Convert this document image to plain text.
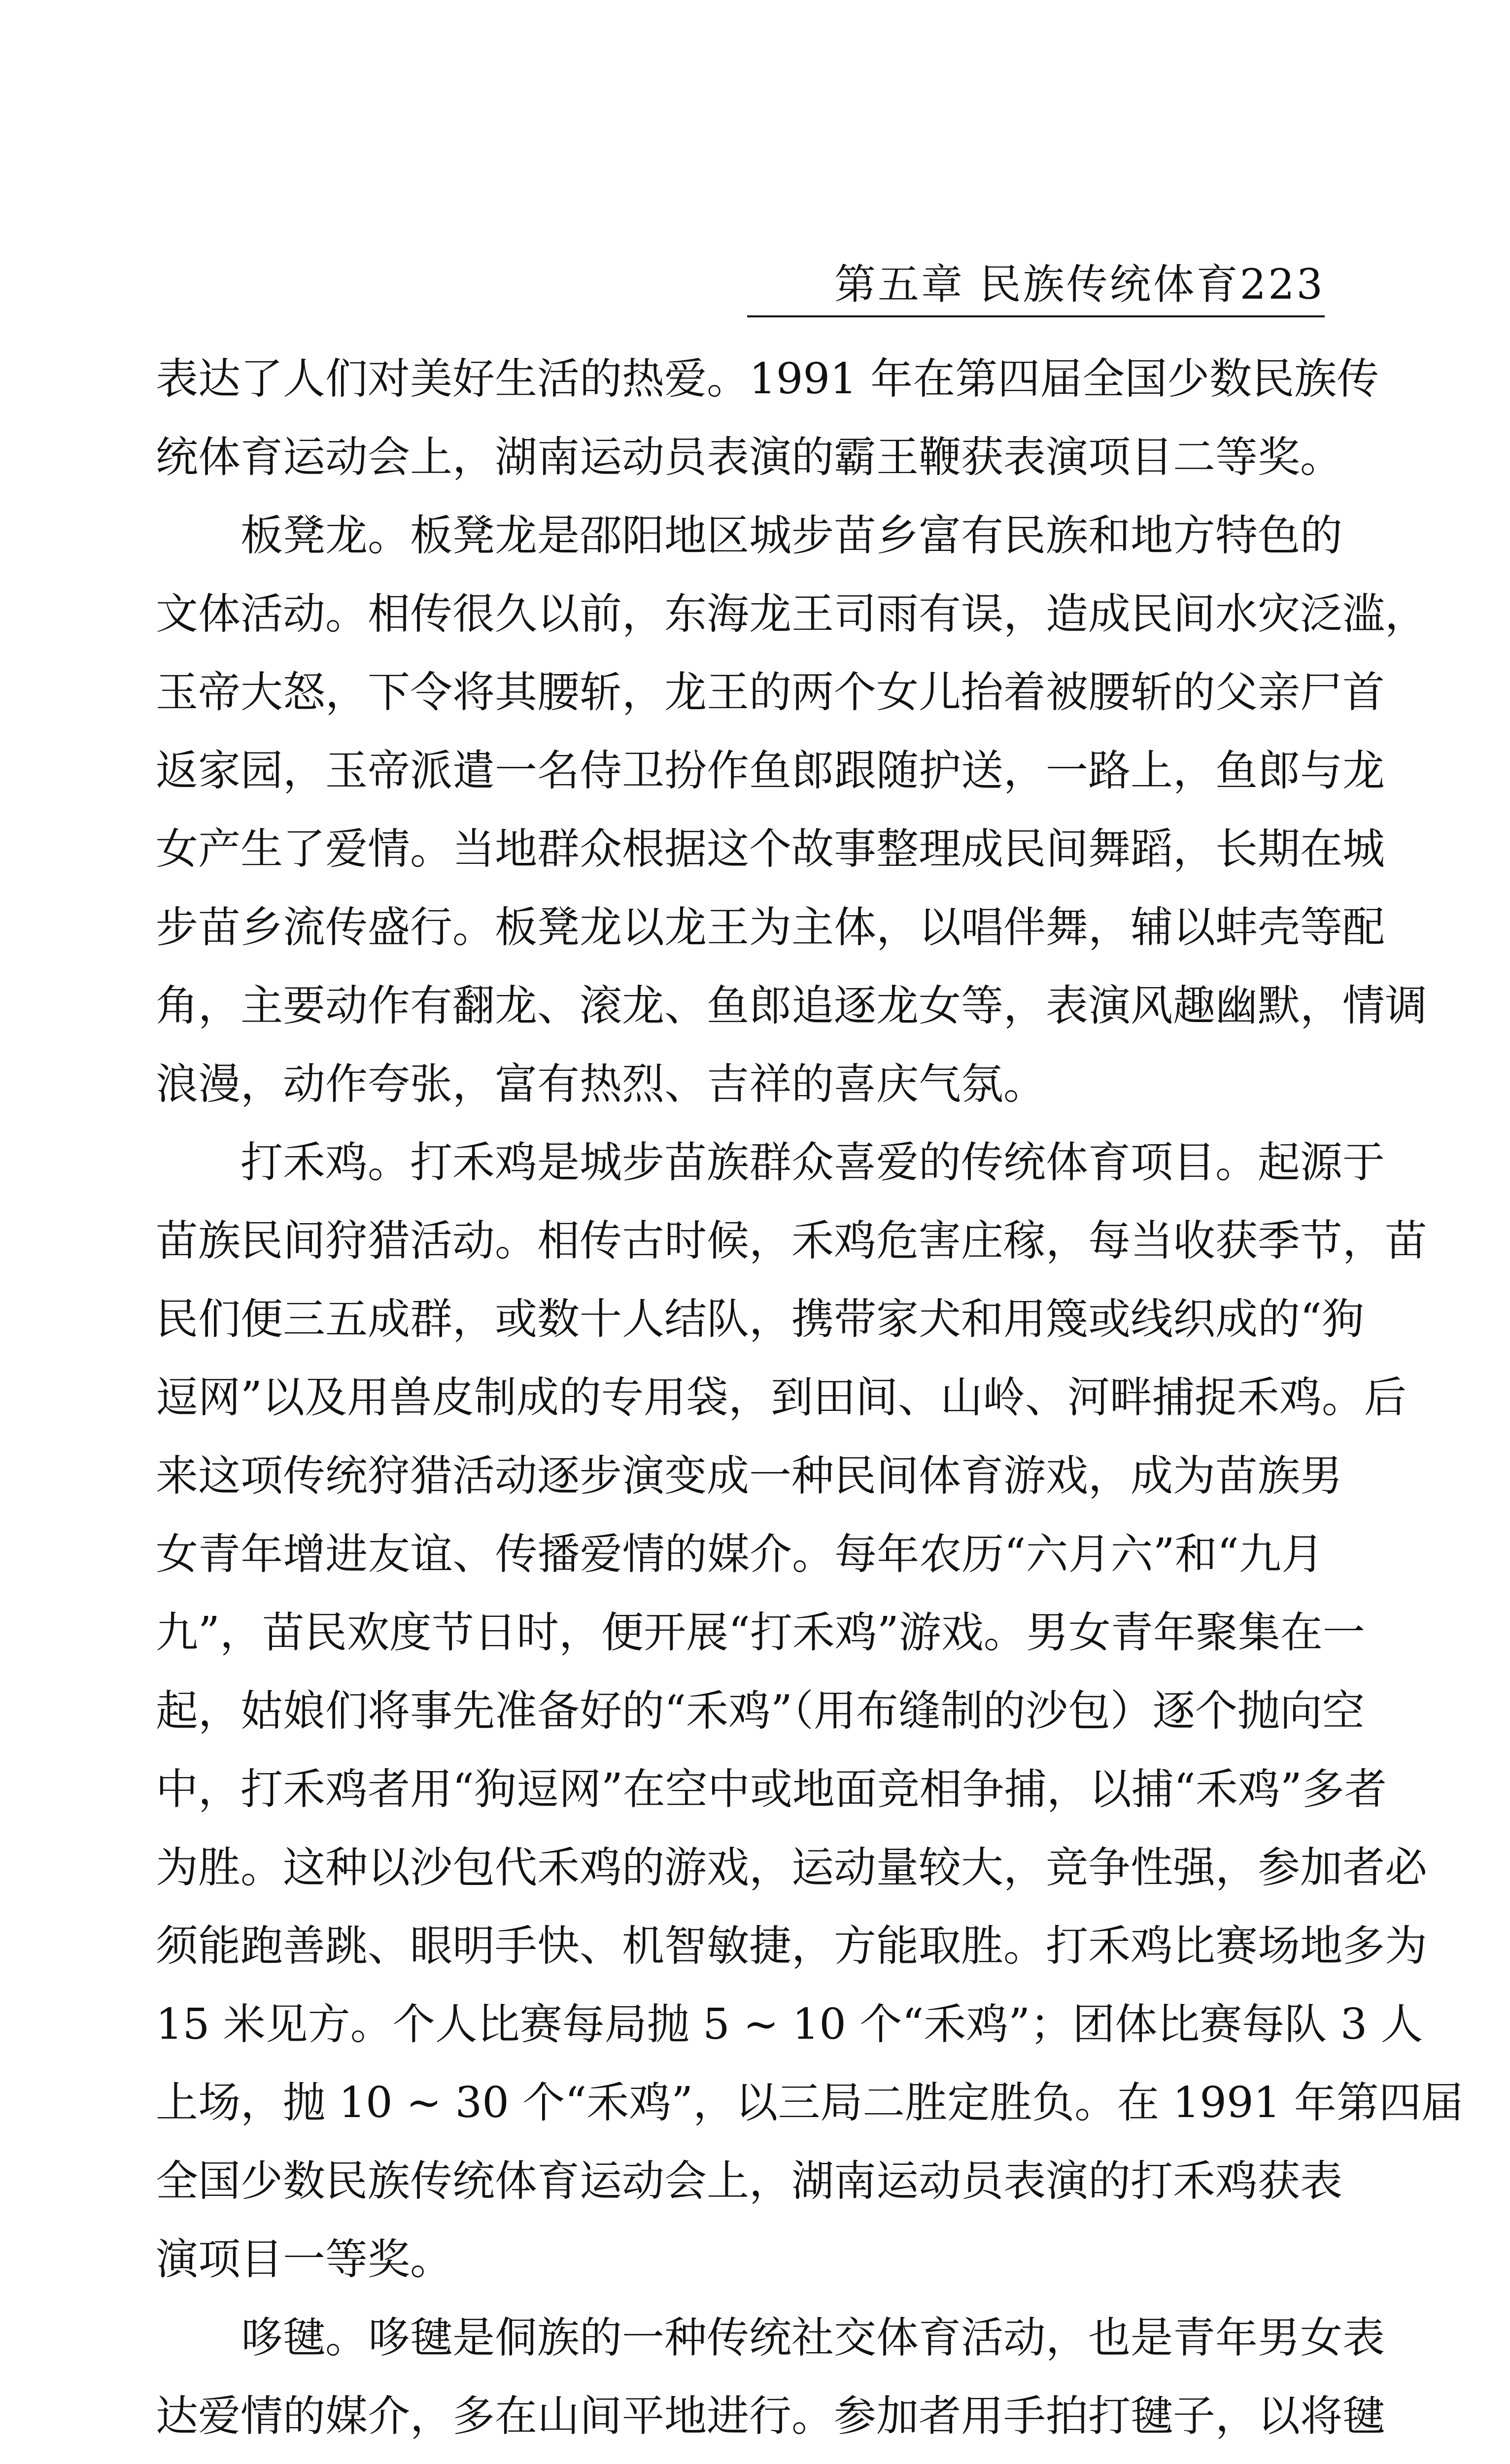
第五章 民族传统体育223
表达了人们对美好生活的热爱。1991 年在第四届全国少数民族传
统体育运动会上，湖南运动员表演的霸王鞭获表演项目二等奖。
板凳龙。板凳龙是邵阳地区城步苗乡富有民族和地方特色的
文体活动。相传很久以前，东海龙王司雨有误，造成民间水灾泛滥，
玉帝大怒，下令将其腰斩，龙王的两个女儿抬着被腰斩的父亲尸首
返家园，玉帝派遣一名侍卫扮作鱼郎跟随护送，一路上，鱼郎与龙
女产生了爱情。当地群众根据这个故事整理成民间舞蹈，长期在城
步苗乡流传盛行。板凳龙以龙王为主体，以唱伴舞，辅以蚌壳等配
角，主要动作有翻龙、滚龙、鱼郎追逐龙女等，表演风趣幽默，情调
浪漫，动作夸张，富有热烈、吉祥的喜庆气氛。
打禾鸡。打禾鸡是城步苗族群众喜爱的传统体育项目。起源于
苗族民间狩猎活动。相传古时候，禾鸡危害庄稼，每当收获季节，苗
民们便三五成群，或数十人结队，携带家犬和用篾或线织成的“狗
逗网”以及用兽皮制成的专用袋，到田间、山岭、河畔捕捉禾鸡。后
来这项传统狩猎活动逐步演变成一种民间体育游戏，成为苗族男
女青年增进友谊、传播爱情的媒介。每年农历“六月六”和“九月
九”，苗民欢度节日时，便开展“打禾鸡”游戏。男女青年聚集在一
起，姑娘们将事先准备好的“禾鸡”（用布缝制的沙包）逐个抛向空
中，打禾鸡者用“狗逗网”在空中或地面竞相争捕，以捕“禾鸡”多者
为胜。这种以沙包代禾鸡的游戏，运动量较大，竞争性强，参加者必
须能跑善跳、眼明手快、机智敏捷，方能取胜。打禾鸡比赛场地多为
15 米见方。个人比赛每局抛 5 ~ 10 个“禾鸡”；团体比赛每队 3 人
上场，抛 10 ~ 30 个“禾鸡”，以三局二胜定胜负。在 1991 年第四届
全国少数民族传统体育运动会上，湖南运动员表演的打禾鸡获表
演项目一等奖。
哆毽。哆毽是侗族的一种传统社交体育活动，也是青年男女表
达爱情的媒介，多在山间平地进行。参加者用手拍打毽子，以将毽
